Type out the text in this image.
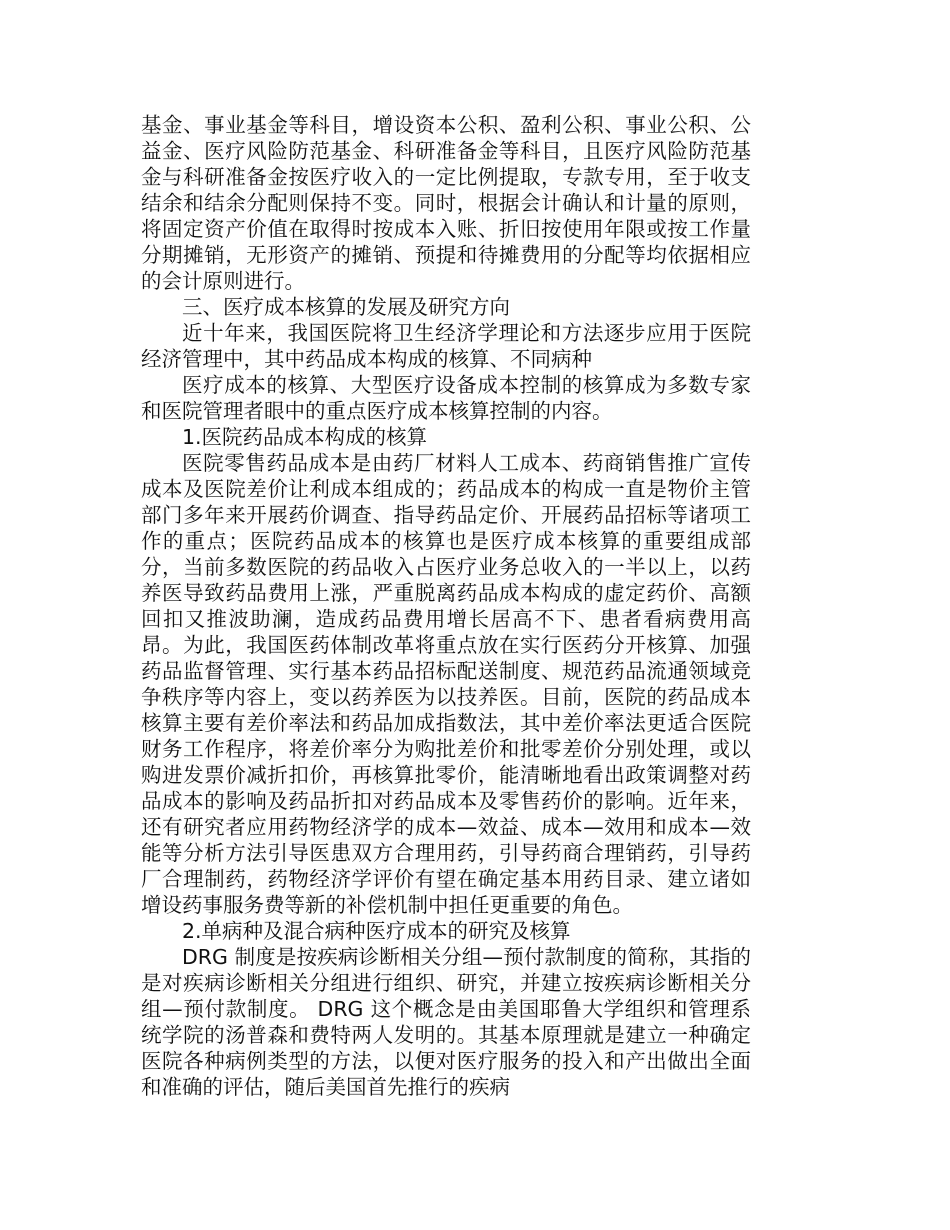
基金、事业基金等科目，增设资本公积、盈利公积、事业公积、公益金、医疗风险防范基金、科研准备金等科目，且医疗风险防范基金与科研准备金按医疗收入的一定比例提取，专款专用，至于收支结余和结余分配则保持不变。同时，根据会计确认和计量的原则，将固定资产价值在取得时按成本入账、折旧按使用年限或按工作量分期摊销，无形资产的摊销、预提和待摊费用的分配等均依据相应的会计原则进行。

三、医疗成本核算的发展及研究方向

近十年来，我国医院将卫生经济学理论和方法逐步应用于医院经济管理中，其中药品成本构成的核算、不同病种

医疗成本的核算、大型医疗设备成本控制的核算成为多数专家和医院管理者眼中的重点医疗成本核算控制的内容。

1.医院药品成本构成的核算

医院零售药品成本是由药厂材料人工成本、药商销售推广宣传成本及医院差价让利成本组成的；药品成本的构成一直是物价主管部门多年来开展药价调查、指导药品定价、开展药品招标等诸项工作的重点；医院药品成本的核算也是医疗成本核算的重要组成部分，当前多数医院的药品收入占医疗业务总收入的一半以上，以药养医导致药品费用上涨，严重脱离药品成本构成的虚定药价、高额回扣又推波助澜，造成药品费用增长居高不下、患者看病费用高昂。为此，我国医药体制改革将重点放在实行医药分开核算、加强药品监督管理、实行基本药品招标配送制度、规范药品流通领域竞争秩序等内容上，变以药养医为以技养医。目前，医院的药品成本核算主要有差价率法和药品加成指数法，其中差价率法更适合医院财务工作程序，将差价率分为购批差价和批零差价分别处理，或以购进发票价减折扣价，再核算批零价，能清晰地看出政策调整对药品成本的影响及药品折扣对药品成本及零售药价的影响。近年来，还有研究者应用药物经济学的成本—效益、成本—效用和成本—效能等分析方法引导医患双方合理用药，引导药商合理销药，引导药厂合理制药，药物经济学评价有望在确定基本用药目录、建立诸如增设药事服务费等新的补偿机制中担任更重要的角色。

2.单病种及混合病种医疗成本的研究及核算

DRG 制度是按疾病诊断相关分组—预付款制度的简称，其指的是对疾病诊断相关分组进行组织、研究，并建立按疾病诊断相关分组—预付款制度。 DRG 这个概念是由美国耶鲁大学组织和管理系统学院的汤普森和费特两人发明的。其基本原理就是建立一种确定医院各种病例类型的方法，以便对医疗服务的投入和产出做出全面和准确的评估，随后美国首先推行的疾病
